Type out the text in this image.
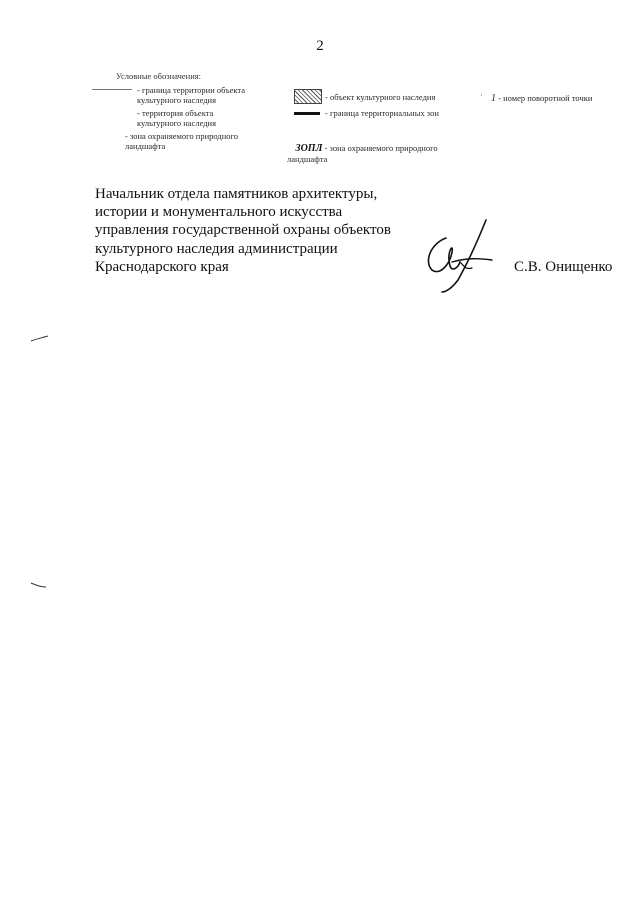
2
Условные обозначения:
- граница территории объекта
культурного наследия
- территория объекта
культурного наследия
- зона охраняемого природного
ландшафта
- объект культурного наследия
- граница территориальных зон

ЗОПЛ - зона охраняемого природного
ландшафта

ʿ 1 - номер поворотной точки
Начальник отдела памятников архитектуры,
истории и монументального искусства
управления государственной охраны объектов
культурного наследия администрации
Краснодарского края	С.В. Онищенко
